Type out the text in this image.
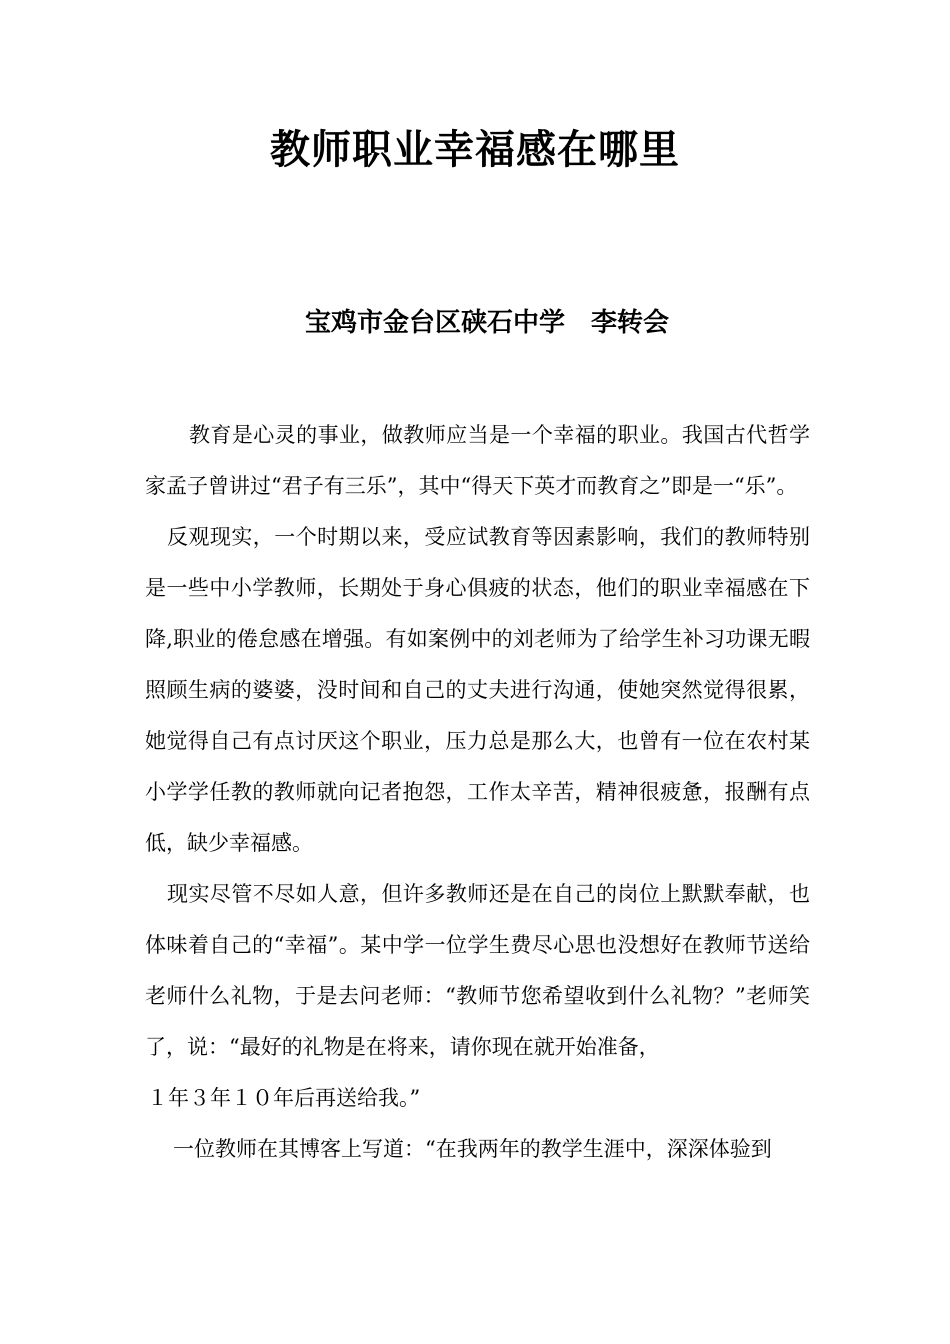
教师职业幸福感在哪里

宝鸡市金台区硖石中学　李转会

教育是心灵的事业，做教师应当是一个幸福的职业。我国古代哲学家孟子曾讲过“君子有三乐”，其中“得天下英才而教育之”即是一“乐”。

反观现实，一个时期以来，受应试教育等因素影响，我们的教师特别是一些中小学教师，长期处于身心俱疲的状态，他们的职业幸福感在下降,职业的倦怠感在增强。有如案例中的刘老师为了给学生补习功课无暇照顾生病的婆婆，没时间和自己的丈夫进行沟通，使她突然觉得很累，她觉得自己有点讨厌这个职业，压力总是那么大，也曾有一位在农村某小学学任教的教师就向记者抱怨，工作太辛苦，精神很疲惫，报酬有点低，缺少幸福感。

现实尽管不尽如人意，但许多教师还是在自己的岗位上默默奉献，也体味着自己的“幸福”。某中学一位学生费尽心思也没想好在教师节送给老师什么礼物，于是去问老师：“教师节您希望收到什么礼物？”老师笑了，说：“最好的礼物是在将来，请你现在就开始准备，

１年３年１０年后再送给我。”

一位教师在其博客上写道：“在我两年的教学生涯中，深深体验到
